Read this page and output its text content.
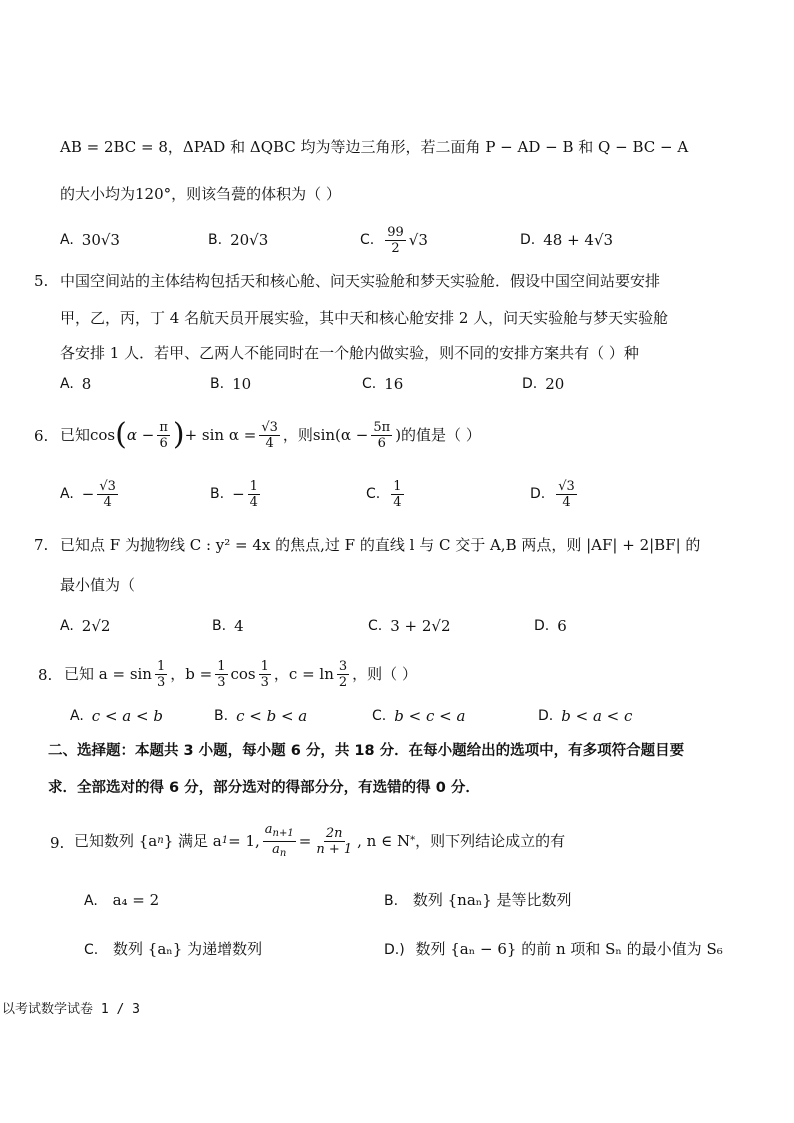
AB = 2BC = 8，ΔPAD 和 ΔQBC 均为等边三角形，若二面角 P − AD − B 和 Q − BC − A
的大小均为120°，则该刍甍的体积为（ ）
A. 30√3	B. 20√3	C. $\frac{99}{2} √3$	D. 48 + 4√3
5. 中国空间站的主体结构包括天和核心舱、问天实验舱和梦天实验舱．假设中国空间站要安排
甲，乙，丙，丁 4 名航天员开展实验，其中天和核心舱安排 2 人，问天实验舱与梦天实验舱
各安排 1 人．若甲、乙两人不能同时在一个舱内做实验，则不同的安排方案共有（ ）种
A. 8	B. 10	C. 16	D. 20
6. 已知cos ( $\alpha - \frac{\pi}{6}$ ) + $\sin \alpha = \frac{√3}{4}$ ，则$\sin(\alpha - \frac{5\pi}{6}$ )的值是（ ）
A. − $\frac{√3}{4}$	B. − $\frac{1}{4}$	C. $\frac{1}{4}$	D. $\frac{√3}{4}$
7. 已知点 F 为抛物线 C : y² = 4x 的焦点,过 F 的直线 l 与 C 交于 A,B 两点，则 |AF| + 2|BF| 的
最小值为（
A. 2√2	B. 4	C. 3 + 2√2	D. 6
8. 已知 $a = \sin \frac{1}{3}$ ，$b = \frac{1}{3}$ $\cos \frac{1}{3}$ ，$c = \ln \frac{3}{2}$ ，则（ ）
A. c < a < b	B. c < b < a	C. b < c < a	D. b < a < c
二、选择题：本题共 3 小题，每小题 6 分，共 18 分．在每小题给出的选项中，有多项符合题目要
求．全部选对的得 6 分，部分选对的得部分分，有选错的得 0 分．
9. 已知数列 {a n } 满足 a 1 = 1, $\frac{a_{n+1}}{a_n} = \frac{2n}{n + 1}$ , n ∈ N * ，则下列结论成立的有
A. a₄ = 2	B. 数列 {naₙ} 是等比数列
C. 数列 {aₙ} 为递增数列	D.) 数列 {aₙ − 6} 的前 n 项和 Sₙ 的最小值为 S₆
以考试数学试卷 1 / 3
